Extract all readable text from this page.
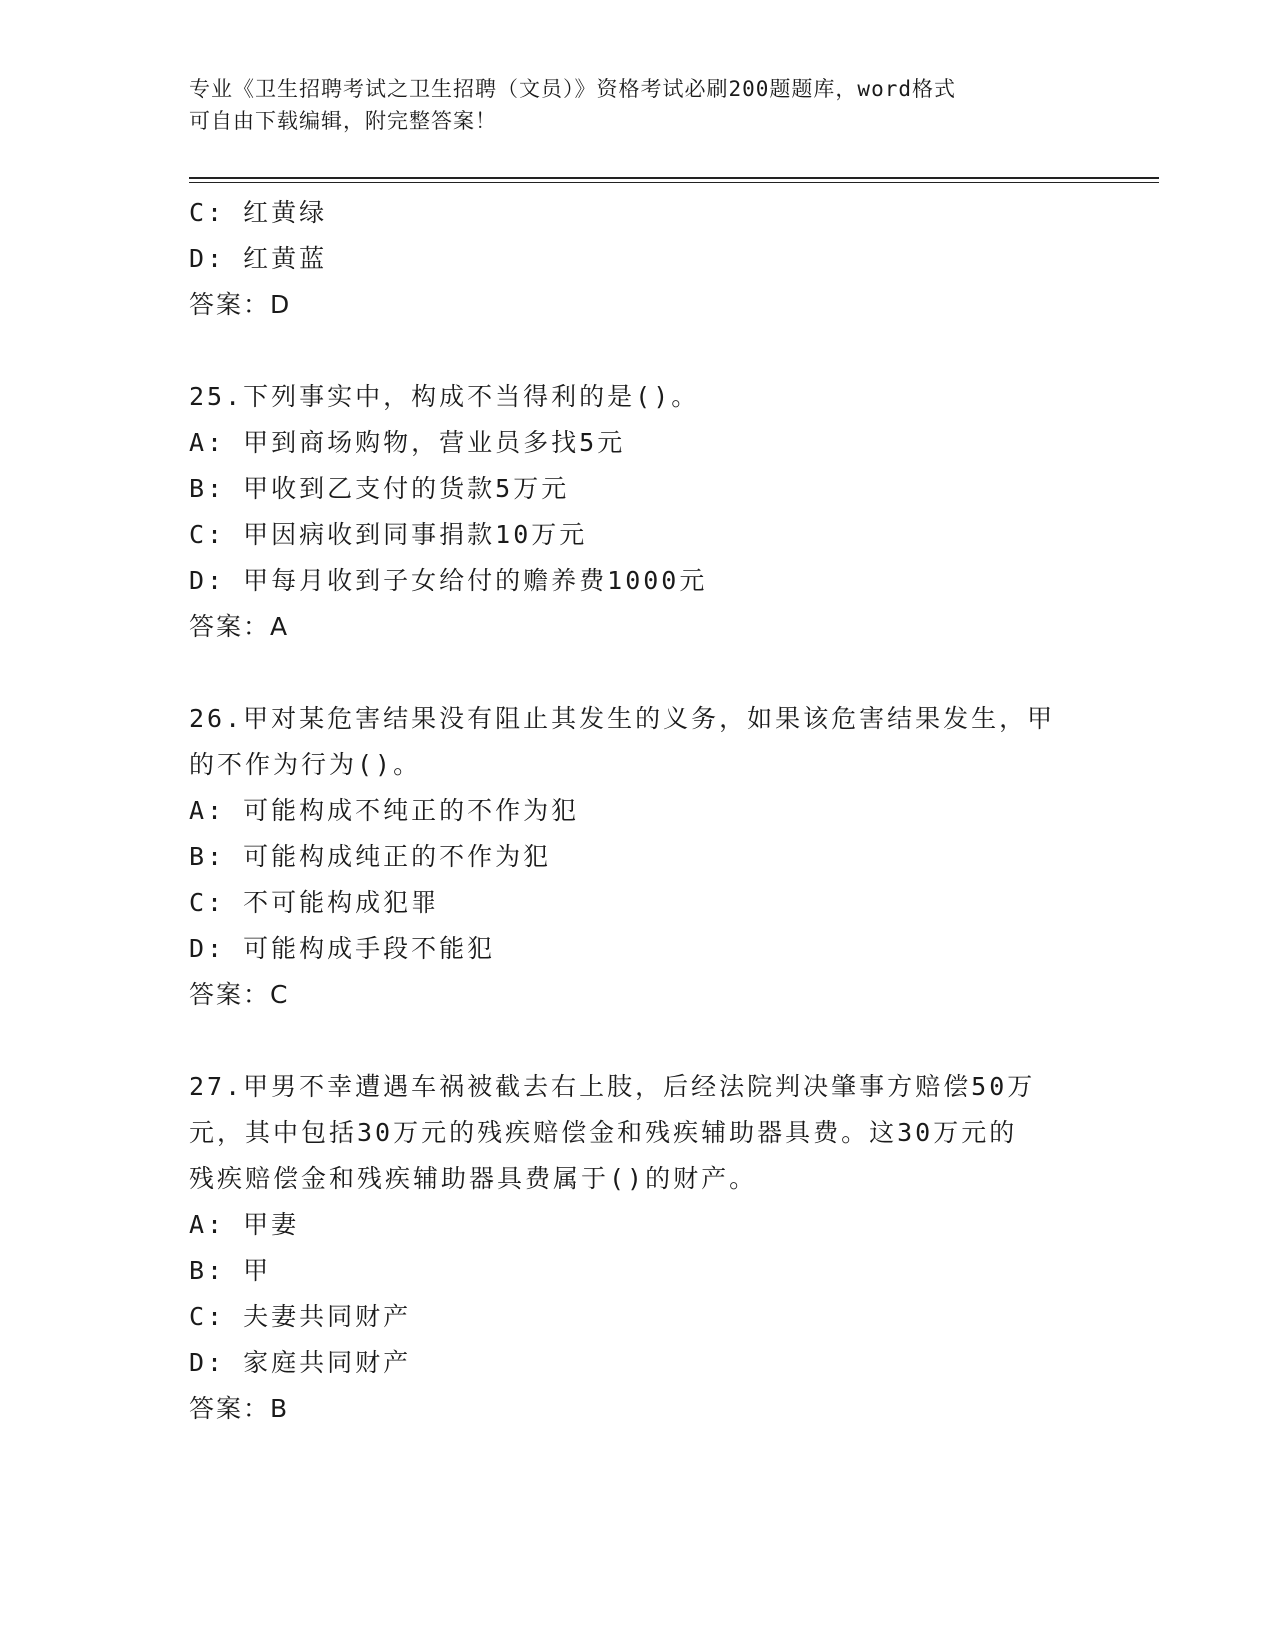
专业《卫生招聘考试之卫生招聘（文员）》资格考试必刷200题题库，word格式
可自由下载编辑，附完整答案！
C: 红黄绿
D: 红黄蓝
答案：D
25.下列事实中，构成不当得利的是()。
A: 甲到商场购物，营业员多找5元
B: 甲收到乙支付的货款5万元
C: 甲因病收到同事捐款10万元
D: 甲每月收到子女给付的赡养费1000元
答案：A
26.甲对某危害结果没有阻止其发生的义务，如果该危害结果发生，甲
的不作为行为()。
A: 可能构成不纯正的不作为犯
B: 可能构成纯正的不作为犯
C: 不可能构成犯罪
D: 可能构成手段不能犯
答案：C
27.甲男不幸遭遇车祸被截去右上肢，后经法院判决肇事方赔偿50万
元，其中包括30万元的残疾赔偿金和残疾辅助器具费。这30万元的
残疾赔偿金和残疾辅助器具费属于()的财产。
A: 甲妻
B: 甲
C: 夫妻共同财产
D: 家庭共同财产
答案：B
